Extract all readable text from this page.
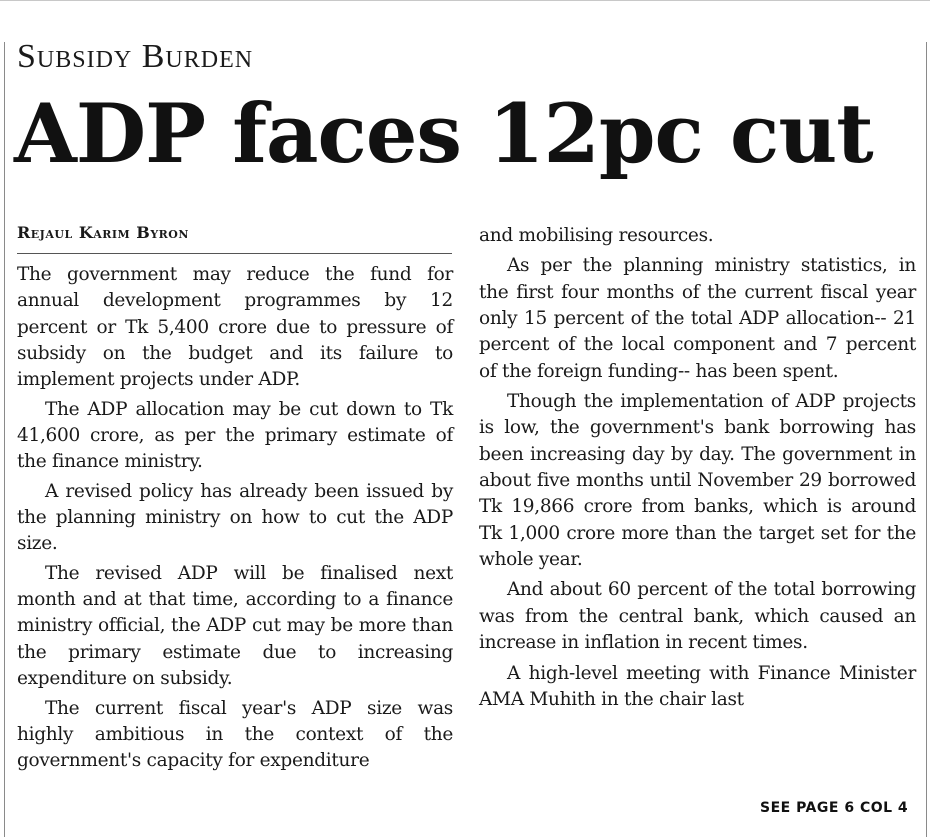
Subsidy Burden
ADP faces 12pc cut
Rejaul Karim Byron

The government may reduce the fund for annual development programmes by 12 percent or Tk 5,400 crore due to pressure of subsidy on the budget and its failure to implement projects under ADP.

The ADP allocation may be cut down to Tk 41,600 crore, as per the primary estimate of the finance ministry.

A revised policy has already been issued by the planning ministry on how to cut the ADP size.

The revised ADP will be finalised next month and at that time, according to a finance ministry official, the ADP cut may be more than the primary estimate due to increasing expenditure on subsidy.

The current fiscal year's ADP size was highly ambitious in the context of the government's capacity for expenditure

and mobilising resources.

As per the planning ministry statistics, in the first four months of the current fiscal year only 15 percent of the total ADP allocation-- 21 percent of the local component and 7 percent of the foreign funding-- has been spent.

Though the implementation of ADP projects is low, the government's bank borrowing has been increasing day by day. The government in about five months until November 29 borrowed Tk 19,866 crore from banks, which is around Tk 1,000 crore more than the target set for the whole year.

And about 60 percent of the total borrowing was from the central bank, which caused an increase in inflation in recent times.

A high-level meeting with Finance Minister AMA Muhith in the chair last

SEE PAGE 6 COL 4
